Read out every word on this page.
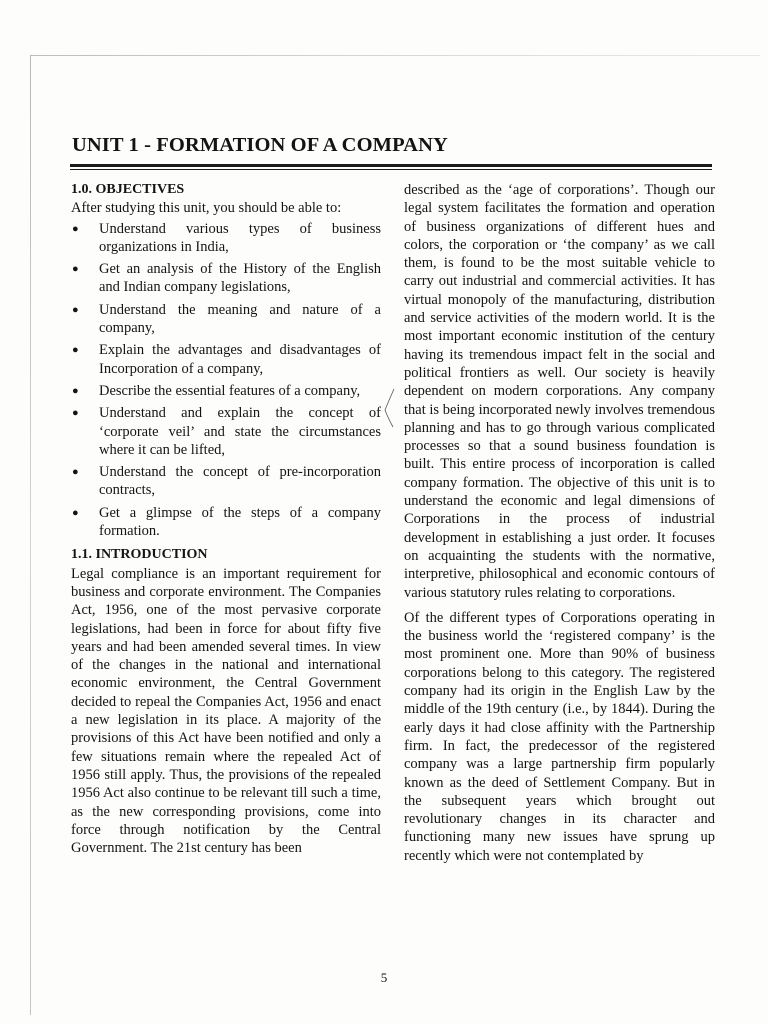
UNIT 1 - FORMATION OF A COMPANY
1.0. OBJECTIVES

After studying this unit, you should be able to:

● Understand various types of business organizations in India,
● Get an analysis of the History of the English and Indian company legislations,
● Understand the meaning and nature of a company,
● Explain the advantages and disadvantages of Incorporation of a company,
● Describe the essential features of a company,
● Understand and explain the concept of ‘corporate veil’ and state the circumstances where it can be lifted,
● Understand the concept of pre-incorporation contracts,
● Get a glimpse of the steps of a company formation.
1.1. INTRODUCTION

Legal compliance is an important requirement for business and corporate environment. The Companies Act, 1956, one of the most pervasive corporate legislations, had been in force for about fifty five years and had been amended several times. In view of the changes in the national and international economic environment, the Central Government decided to repeal the Companies Act, 1956 and enact a new legislation in its place. A majority of the provisions of this Act have been notified and only a few situations remain where the repealed Act of 1956 still apply. Thus, the provisions of the repealed 1956 Act also continue to be relevant till such a time, as the new corresponding provisions, come into force through notification by the Central Government. The 21st century has been

described as the ‘age of corporations’. Though our legal system facilitates the formation and operation of business organizations of different hues and colors, the corporation or ‘the company’ as we call them, is found to be the most suitable vehicle to carry out industrial and commercial activities. It has virtual monopoly of the manufacturing, distribution and service activities of the modern world. It is the most important economic institution of the century having its tremendous impact felt in the social and political frontiers as well. Our society is heavily dependent on modern corporations. Any company that is being incorporated newly involves tremendous planning and has to go through various complicated processes so that a sound business foundation is built. This entire process of incorporation is called company formation. The objective of this unit is to understand the economic and legal dimensions of Corporations in the process of industrial development in establishing a just order. It focuses on acquainting the students with the normative, interpretive, philosophical and economic contours of various statutory rules relating to corporations.

Of the different types of Corporations operating in the business world the ‘registered company’ is the most prominent one. More than 90% of business corporations belong to this category. The registered company had its origin in the English Law by the middle of the 19th century (i.e., by 1844). During the early days it had close affinity with the Partnership firm. In fact, the predecessor of the registered company was a large partnership firm popularly known as the deed of Settlement Company. But in the subsequent years which brought out revolutionary changes in its character and functioning many new issues have sprung up recently which were not contemplated by

5
